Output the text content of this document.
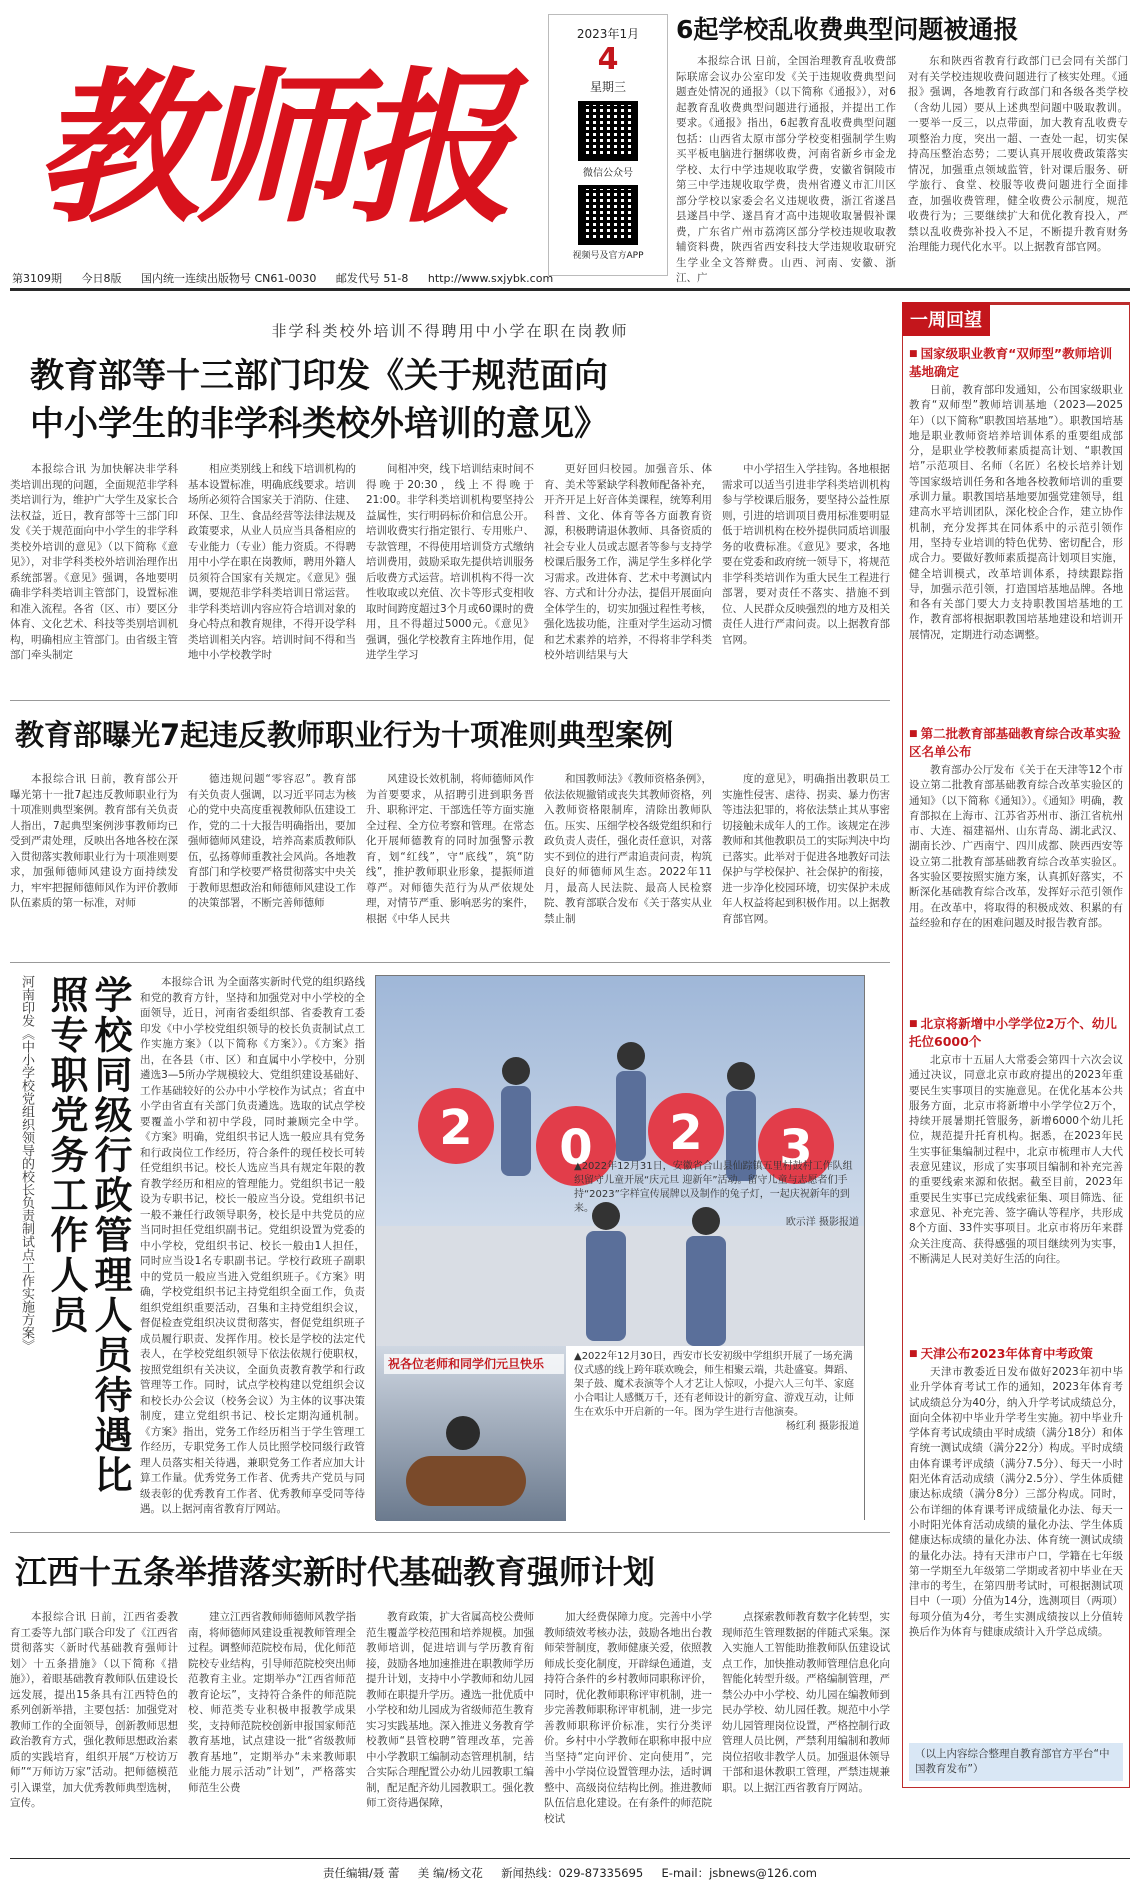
教师报
2023年1月
4
星期三
微信公众号
视频号及官方APP
6起学校乱收费典型问题被通报

本报综合讯 日前，全国治理教育乱收费部际联席会议办公室印发《关于违规收费典型问题查处情况的通报》（以下简称《通报》），对6起教育乱收费典型问题进行通报，并提出工作要求。《通报》指出，6起教育乱收费典型问题包括：山西省太原市部分学校变相强制学生购买平板电脑进行捆绑收费，河南省新乡市金龙学校、太行中学违规收取学费，安徽省铜陵市第三中学违规收取学费，贵州省遵义市汇川区部分学校以家委会名义违规收费，浙江省遂昌县遂昌中学、遂昌育才高中违规收取暑假补课费，广东省广州市荔湾区部分学校违规收取教辅资料费，陕西省西安科技大学违规收取研究生学业全文答辩费。山西、河南、安徽、浙江、广

东和陕西省教育行政部门已会同有关部门对有关学校违规收费问题进行了核实处理。《通报》强调，各地教育行政部门和各级各类学校（含幼儿园）要从上述典型问题中吸取教训。一要举一反三，以点带面，加大教育乱收费专项整治力度，突出一超、一查处一起，切实保持高压整治态势；二要认真开展收费政策落实情况，加强重点领域监管，针对课后服务、研学旅行、食堂、校服等收费问题进行全面排查，加强收费管理，健全收费公示制度，规范收费行为；三要继续扩大和优化教育投入，严禁以乱收费弥补投入不足，不断提升教育财务治理能力现代化水平。以上据教育部官网。

第3109期 今日8版 国内统一连续出版物号 CN61-0030 邮发代号 51-8 http://www.sxjybk.com
非学科类校外培训不得聘用中小学在职在岗教师
教育部等十三部门印发《关于规范面向
中小学生的非学科类校外培训的意见》

本报综合讯 为加快解决非学科类培训出现的问题，全面规范非学科类培训行为，维护广大学生及家长合法权益，近日，教育部等十三部门印发《关于规范面向中小学生的非学科类校外培训的意见》（以下简称《意见》），对非学科类校外培训治理作出系统部署。《意见》强调，各地要明确非学科类培训主管部门，设置标准和准入流程。各省（区、市）要区分体育、文化艺术、科技等类别培训机构，明确相应主管部门。由省级主管部门牵头制定

相应类别线上和线下培训机构的基本设置标准，明确底线要求。培训场所必须符合国家关于消防、住建、环保、卫生、食品经营等法律法规及政策要求，从业人员应当具备相应的专业能力（专业）能力资质。不得聘用中小学在职在岗教师，聘用外籍人员须符合国家有关规定。《意见》强调，要规范非学科类培训日常运营。非学科类培训内容应符合培训对象的身心特点和教育规律，不得开设学科类培训相关内容。培训时间不得和当地中小学校教学时

间相冲突，线下培训结束时间不得晚于20:30，线上不得晚于21:00。非学科类培训机构要坚持公益属性，实行明码标价和信息公开。培训收费实行指定银行、专用账户、专款管理，不得使用培训贷方式缴纳培训费用，鼓励采取先提供培训服务后收费方式运营。培训机构不得一次性收取或以充值、次卡等形式变相收取时间跨度超过3个月或60课时的费用，且不得超过5000元。《意见》强调，强化学校教育主阵地作用，促进学生学习

更好回归校园。加强音乐、体育、美术等紧缺学科教师配备补充，开齐开足上好音体美课程，统筹利用科普、文化、体育等各方面教育资源，积极聘请退休教师、具备资质的社会专业人员或志愿者等参与支持学校课后服务工作，满足学生多样化学习需求。改进体育、艺术中考测试内容、方式和计分办法，提倡开展面向全体学生的，切实加强过程性考核，强化选拔功能，注重对学生运动习惯和艺术素养的培养，不得将非学科类校外培训结果与大

中小学招生入学挂钩。各地根据需求可以适当引进非学科类培训机构参与学校课后服务，要坚持公益性原则，引进的培训项目费用标准要明显低于培训机构在校外提供同质培训服务的收费标准。《意见》要求，各地要在党委和政府统一领导下，将规范非学科类培训作为重大民生工程进行部署，要对责任不落实、措施不到位、人民群众反映强烈的地方及相关责任人进行严肃问责。以上据教育部官网。

教育部曝光7起违反教师职业行为十项准则典型案例

本报综合讯 日前，教育部公开曝光第十一批7起违反教师职业行为十项准则典型案例。教育部有关负责人指出，7起典型案例涉事教师均已受到严肃处理，反映出各地各校在深入贯彻落实教师职业行为十项准则要求，加强师德师风建设方面持续发力，牢牢把握师德师风作为评价教师队伍素质的第一标准，对师

德违规问题“零容忍”。教育部有关负责人强调，以习近平同志为核心的党中央高度重视教师队伍建设工作，党的二十大报告明确指出，要加强师德师风建设，培养高素质教师队伍，弘扬尊师重教社会风尚。各地教育部门和学校要严格贯彻落实中央关于教师思想政治和师德师风建设工作的决策部署，不断完善师德师

风建设长效机制，将师德师风作为首要要求，从招聘引进到职务晋升、职称评定、干部选任等方面实施全过程、全方位考察和管理。在常态化开展师德教育的同时加强警示教育，划“红线”，守“底线”，筑“防线”，推护教师职业形象，提振师道尊严。对师德失范行为从严依规处理，对情节严重、影响恶劣的案件，根据《中华人民共

和国教师法》《教师资格条例》，依法依规撤销或丧失其教师资格，列入教师资格限制库，清除出教师队伍。压实、压细学校各级党组织和行政负责人责任，强化责任意识，对落实不到位的进行严肃追责问责，构筑良好的师德师风生态。2022年11月，最高人民法院、最高人民检察院、教育部联合发布《关于落实从业禁止制

度的意见》，明确指出教职员工实施性侵害、虐待、拐卖、暴力伤害等违法犯罪的，将依法禁止其从事密切接触未成年人的工作。该规定在涉教师和其他教职员工的实际判决中均已落实。此举对于促进各地教好司法保护与学校保护、社会保护的衔接，进一步净化校园环境，切实保护未成年人权益将起到积极作用。以上据教育部官网。

河南印发《中小学校党组织领导的校长负责制试点工作实施方案》	学校同级行政管理人员待遇比照专职党务工作人员	本报综合讯 为全面落实新时代党的组织路线和党的教育方针，坚持和加强党对中小学校的全面领导，近日，河南省委组织部、省委教育工委印发《中小学校党组织领导的校长负责制试点工作实施方案》（以下简称《方案》）。《方案》指出，在各县（市、区）和直属中小学校中，分别遴选3—5所办学规模较大、党组织建设基础好、工作基础较好的公办中小学校作为试点；省直中小学由省直有关部门负责遴选。选取的试点学校要覆盖小学和初中学段，同时兼顾完全中学。《方案》明确，党组织书记人选一般应具有党务和行政岗位工作经历，符合条件的现任校长可转任党组织书记。校长人选应当具有规定年限的教育教学经历和相应的管理能力。党组织书记一般设为专职书记，校长一般应当分设。党组织书记一般不兼任行政领导职务，校长是中共党员的应当同时担任党组织副书记。党组织设置为党委的中小学校，党组织书记、校长一般由1人担任，同时应当设1名专职副书记。学校行政班子副职中的党员一般应当进入党组织班子。《方案》明确，学校党组织书记主持党组织全面工作，负责组织党组织重要活动，召集和主持党组织会议，督促检查党组织决议贯彻落实，督促党组织班子成员履行职责、发挥作用。校长是学校的法定代表人，在学校党组织领导下依法依规行使职权，按照党组织有关决议，全面负责教育教学和行政管理等工作。同时，试点学校构建以党组织会议和校长办公会议（校务会议）为主体的议事决策制度，建立党组织书记、校长定期沟通机制。《方案》指出，党务工作经历相当于学生管理工作经历，专职党务工作人员比照学校同级行政管理人员落实相关待遇，兼职党务工作者应加大计算工作量。优秀党务工作者、优秀共产党员与同级表彰的优秀教育工作者、优秀教师享受同等待遇。以上据河南省教育厅网站。

2 0 2 3
祝各位老师和同学们元旦快乐
▲2022年12月31日，安徽省合山县仙踪镇五里村鼓村工作队组织留守儿童开展“庆元旦 迎新年”活动。留守儿童与志愿者们手持“2023”字样宣传展牌以及制作的兔子灯，一起庆祝新年的到来。
欧示洋 摄影报道
▲2022年12月30日，西安市长安初级中学组织开展了一场充满仪式感的线上跨年联欢晚会，师生相聚云端，共赴盛宴。舞蹈、架子鼓、魔术表演等个人才艺让人惊叹，小提六人三句半、家庭小合唱让人感慨万千，还有老师设计的新穷盒、游戏互动，让师生在欢乐中开启新的一年。图为学生进行吉他演奏。
杨红利 摄影报道
江西十五条举措落实新时代基础教育强师计划

本报综合讯 日前，江西省委教育工委等九部门联合印发了《江西省贯彻落实〈新时代基础教育强师计划〉十五条措施》（以下简称《措施》），着眼基础教育教师队伍建设长远发展，提出15条具有江西特色的系列创新举措，主要包括：加强党对教师工作的全面领导，创新教师思想政治教育方式，强化教师思想政治素质的实践培育，组织开展“万校访万师”“万师访万家”活动。把师德模范引入课堂，加大优秀教师典型选树，宣传。

建立江西省教师师德师风教学指南，将师德师风建设重视教师管理全过程。调整师范院校布局，优化师范院校专业结构，引导师范院校突出师范教育主业。定期举办“江西省师范教育论坛”，支持符合条件的师范院校、师范类专业积极申报教学成果奖，支持师范院校创新申报国家师范教育基地，试点建设一批“省级教师教育基地”，定期举办“未来教师职业能力展示活动”计划”，严格落实师范生公费

教育政策，扩大省属高校公费师范生覆盖学校范围和培养规模。加强教师培训，促进培训与学历教育衔接，鼓励各地加速推进在职教师学历提升计划，支持中小学教师和幼儿园教师在职提升学历。遴选一批优质中小学校和幼儿园成为省级师范生教育实习实践基地。深入推进义务教育学校教师“县管校聘”管理改革，完善中小学教职工编制动态管理机制，结合实际合理配置公办幼儿园教职工编制，配足配齐幼儿园教职工。强化教师工资待遇保障，

加大经费保障力度。完善中小学教师绩效考核办法，鼓励各地出台教师荣誉制度，教师健康关爱，依照教师成长变化制度，开辟绿色通道，支持符合条件的乡村教师同职称评价，同时，优化教师职称评审机制，进一步完善教师职称评审机制，进一步完善教师职称评价标准，实行分类评价。乡村中小学教师在职称申报中应当坚持“定向评价、定向使用”，完善中小学岗位设置管理办法，适时调整中、高级岗位结构比例。推进教师队伍信息化建设。在有条件的师范院校试

点探索教师教育数字化转型，实现师范生管理数据的伴随式采集。深入实施人工智能助推教师队伍建设试点工作，加快推动教师管理信息化向智能化转型升级。严格编制管理，严禁公办中小学校、幼儿园在编教师到民办学校、幼儿园任教。规范中小学幼儿园管理岗位设置，严格控制行政管理人员比例，严禁利用编制和教师岗位招收非教学人员。加强退休领导干部和退休教职工管理，严禁违规兼职。以上据江西省教育厅网站。

一周回望
■ 国家级职业教育“双师型”教师培训基地确定

日前，教育部印发通知，公布国家级职业教育“双师型”教师培训基地（2023—2025年）（以下简称“职教国培基地”）。职教国培基地是职业教师资培养培训体系的重要组成部分，是职业学校教师素质提高计划、“职教国培”示范项目、名师（名匠）名校长培养计划等国家级培训任务和各地各校教师培训的重要承训力量。职教国培基地要加强党建领导，组建高水平培训团队，深化校企合作，建立协作机制，充分发挥其在同体系中的示范引领作用，坚持专业培训的特色优势、密切配合，形成合力。要做好教师素质提高计划项目实施，健全培训模式，改革培训体系，持续跟踪指导，加强示范引领，打造国培基地品牌。各地和各有关部门要大力支持职教国培基地的工作，教育部将根据职教国培基地建设和培训开展情况，定期进行动态调整。

■ 第二批教育部基础教育综合改革实验区名单公布

教育部办公厅发布《关于在天津等12个市设立第二批教育部基础教育综合改革实验区的通知》（以下简称《通知》）。《通知》明确，教育部拟在上海市、江苏省苏州市、浙江省杭州市、大连、福建福州、山东青岛、湖北武汉、湖南长沙、广西南宁、四川成都、陕西西安等设立第二批教育部基础教育综合改革实验区。各实验区要按照实施方案，认真抓好落实，不断深化基础教育综合改革，发挥好示范引领作用。在改革中，将取得的积极成效、积累的有益经验和存在的困难问题及时报告教育部。

■ 北京将新增中小学学位2万个、幼儿托位6000个

北京市十五届人大常委会第四十六次会议通过决议，同意北京市政府提出的2023年重要民生实事项目的实施意见。在优化基本公共服务方面，北京市将新增中小学学位2万个，持续开展暑期托管服务，新增6000个幼儿托位，规范提升托育机构。据悉，在2023年民生实事征集编制过程中，北京市梳理市人大代表意见建议，形成了实事项目编制和补充完善的重要线索来源和依据。截至目前，2023年重要民生实事已完成线索征集、项目筛选、征求意见、补充完善、签字确认等程序，共形成8个方面、33件实事项目。北京市将历年来群众关注度高、获得感强的项目继续列为实事，不断满足人民对美好生活的向往。

■ 天津公布2023年体育中考政策

天津市教委近日发布做好2023年初中毕业升学体育考试工作的通知，2023年体育考试成绩总分为40分，纳入升学考试成绩总分，面向全体初中毕业升学考生实施。初中毕业升学体育考试成绩由平时成绩（满分18分）和体育统一测试成绩（满分22分）构成。平时成绩由体育课考评成绩（满分7.5分）、每天一小时阳光体育活动成绩（满分2.5分）、学生体质健康达标成绩（满分8分）三部分构成。同时，公布详细的体育课考评成绩量化办法、每天一小时阳光体育活动成绩的量化办法、学生体质健康达标成绩的量化办法、体育统一测试成绩的量化办法。持有天津市户口，学籍在七年级第一学期至九年级第二学期或者初中毕业在天津市的考生，在第四册考试时，可根据测试项目中（一项）分值为14分，选测项目（两项）每项分值为4分，考生实测成绩按以上分值转换后作为体育与健康成绩计入升学总成绩。

（以上内容综合整理自教育部官方平台“中国教育发布”）
责任编辑/聂 蕾 美 编/杨文花 新闻热线：029-87335695 E-mail：jsbnews@126.com
